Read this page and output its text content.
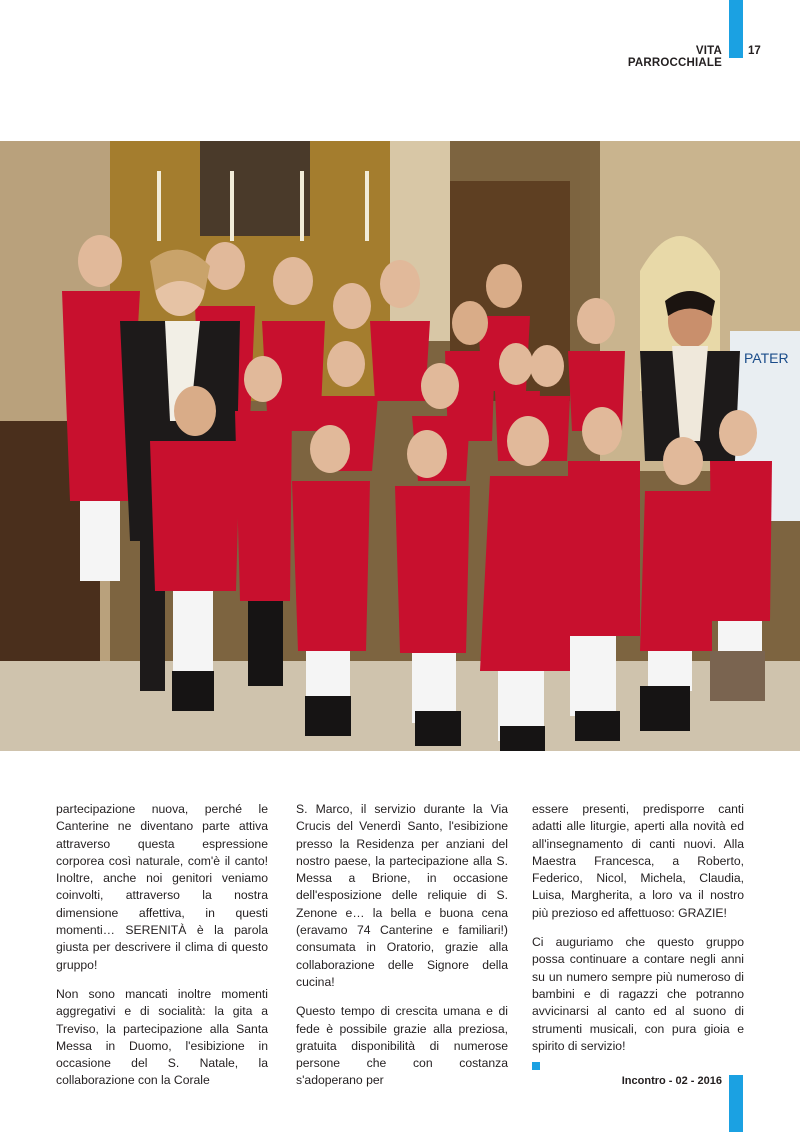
VITA PARROCCHIALE
17
PATER

partecipazione nuova, perché le Canterine ne diventano parte attiva attraverso questa espressione corporea così naturale, com'è il canto! Inoltre, anche noi genitori veniamo coinvolti, attraverso la nostra dimensione affettiva, in questi momenti… SERENITÀ è la parola giusta per descrivere il clima di questo gruppo!

Non sono mancati inoltre momenti aggregativi e di socialità: la gita a Treviso, la partecipazione alla Santa Messa in Duomo, l'esibizione in occasione del S. Natale, la collaborazione con la Corale

S. Marco, il servizio durante la Via Crucis del Venerdì Santo, l'esibizione presso la Residenza per anziani del nostro paese, la partecipazione alla S. Messa a Brione, in occasione dell'esposizione delle reliquie di S. Zenone e… la bella e buona cena (eravamo 74 Canterine e familiari!) consumata in Oratorio, grazie alla collaborazione delle Signore della cucina!

Questo tempo di crescita umana e di fede è possibile grazie alla preziosa, gratuita disponibilità di numerose persone che con costanza s'adoperano per

essere presenti, predisporre canti adatti alle liturgie, aperti alla novità ed all'insegnamento di canti nuovi. Alla Maestra Francesca, a Roberto, Federico, Nicol, Michela, Claudia, Luisa, Margherita, a loro va il nostro più prezioso ed affettuoso: GRAZIE!

Ci auguriamo che questo gruppo possa continuare a contare negli anni su un numero sempre più numeroso di bambini e di ragazzi che potranno avvicinarsi al canto ed al suono di strumenti musicali, con pura gioia e spirito di servizio!

Incontro - 02 - 2016
